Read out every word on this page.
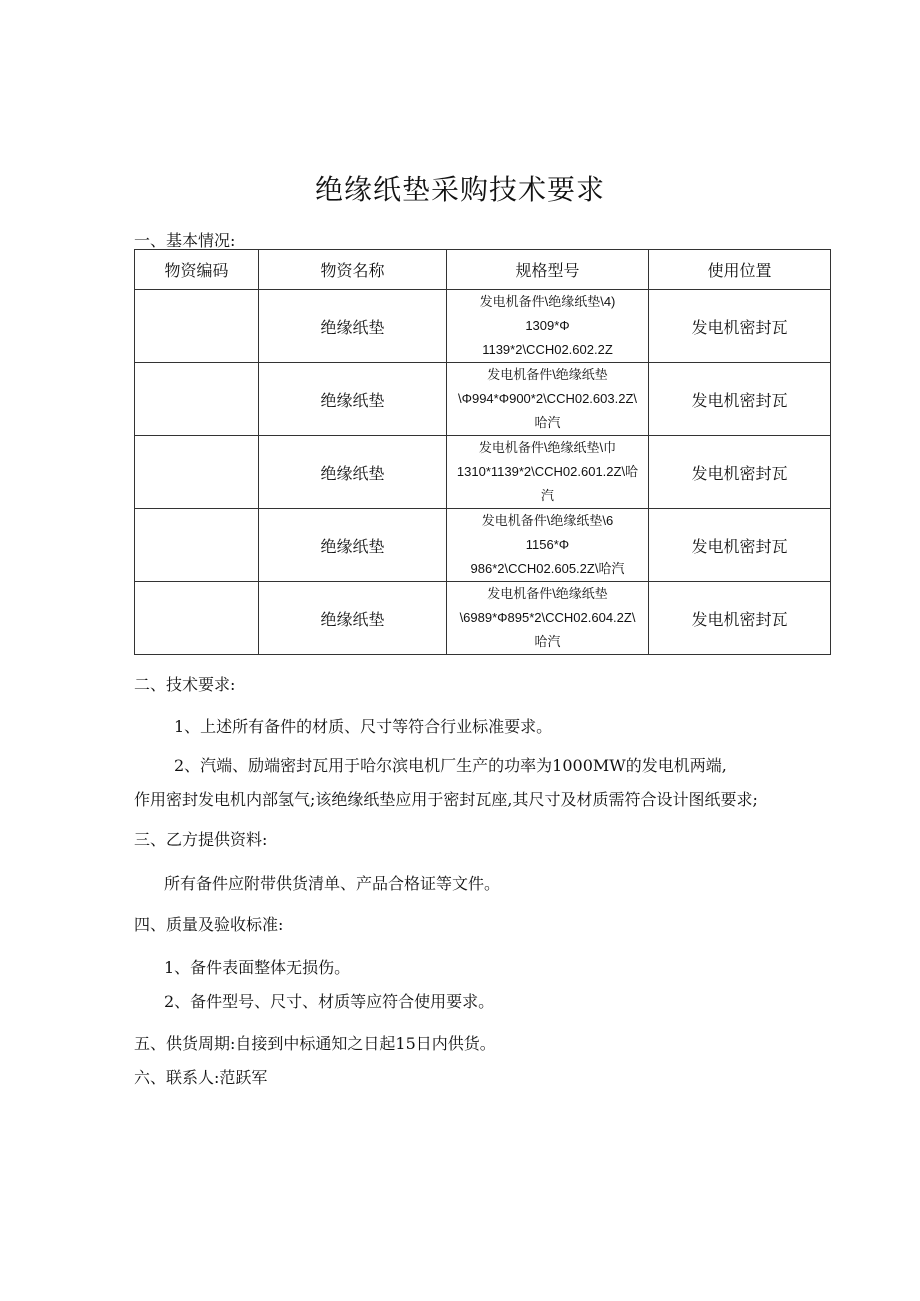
绝缘纸垫采购技术要求
一、基本情况:
物资编码	物资名称	规格型号	使用位置
	绝缘纸垫	发电机备件\绝缘纸垫\4)
1309*Φ
1139*2\CCH02.602.2Z	发电机密封瓦
	绝缘纸垫	发电机备件\绝缘纸垫
\Φ994*Φ900*2\CCH02.603.2Z\
哈汽	发电机密封瓦
	绝缘纸垫	发电机备件\绝缘纸垫\巾
1310*1139*2\CCH02.601.2Z\哈
汽	发电机密封瓦
	绝缘纸垫	发电机备件\绝缘纸垫\6
1156*Φ
986*2\CCH02.605.2Z\哈汽	发电机密封瓦
	绝缘纸垫	发电机备件\绝缘纸垫
\6989*Φ895*2\CCH02.604.2Z\
哈汽	发电机密封瓦
二、技术要求:
1、上述所有备件的材质、尺寸等符合行业标准要求。
2、汽端、励端密封瓦用于哈尔滨电机厂生产的功率为1000MW的发电机两端,
作用密封发电机内部氢气;该绝缘纸垫应用于密封瓦座,其尺寸及材质需符合设计图纸要求;
三、乙方提供资料:
所有备件应附带供货清单、产品合格证等文件。
四、质量及验收标准:
1、备件表面整体无损伤。
2、备件型号、尺寸、材质等应符合使用要求。
五、供货周期:自接到中标通知之日起15日内供货。
六、联系人:范跃军
